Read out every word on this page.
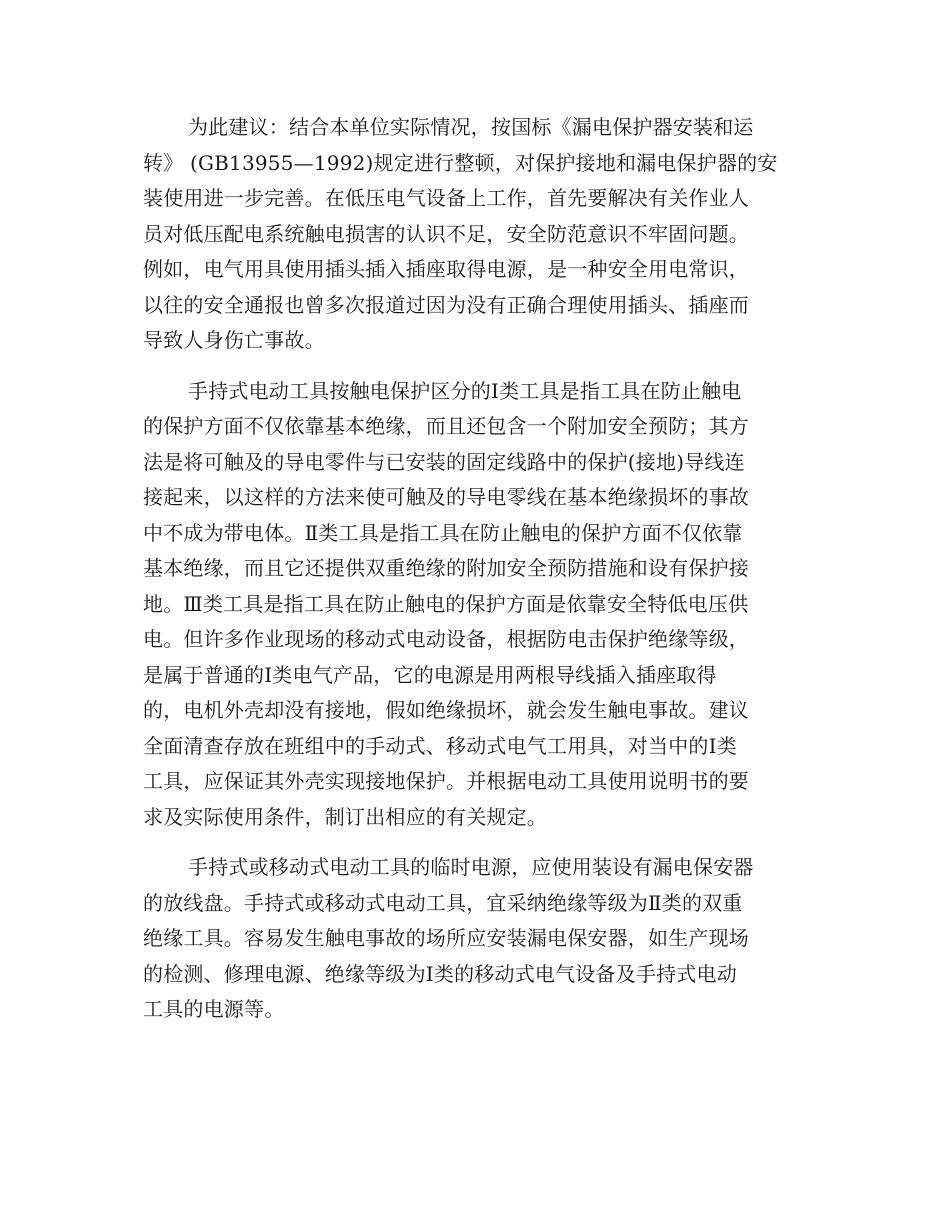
为此建议：结合本单位实际情况，按国标《漏电保护器安装和运
转》 (GB13955—1992)规定进行整顿，对保护接地和漏电保护器的安
装使用进一步完善。在低压电气设备上工作，首先要解决有关作业人
员对低压配电系统触电损害的认识不足，安全防范意识不牢固问题。
例如，电气用具使用插头插入插座取得电源，是一种安全用电常识，
以往的安全通报也曾多次报道过因为没有正确合理使用插头、插座而
导致人身伤亡事故。
手持式电动工具按触电保护区分的Ⅰ类工具是指工具在防止触电
的保护方面不仅依靠基本绝缘，而且还包含一个附加安全预防；其方
法是将可触及的导电零件与已安装的固定线路中的保护(接地)导线连
接起来，以这样的方法来使可触及的导电零线在基本绝缘损坏的事故
中不成为带电体。Ⅱ类工具是指工具在防止触电的保护方面不仅依靠
基本绝缘，而且它还提供双重绝缘的附加安全预防措施和设有保护接
地。Ⅲ类工具是指工具在防止触电的保护方面是依靠安全特低电压供
电。但许多作业现场的移动式电动设备，根据防电击保护绝缘等级，
是属于普通的Ⅰ类电气产品，它的电源是用两根导线插入插座取得
的，电机外壳却没有接地，假如绝缘损坏，就会发生触电事故。建议
全面清查存放在班组中的手动式、移动式电气工用具，对当中的Ⅰ类
工具，应保证其外壳实现接地保护。并根据电动工具使用说明书的要
求及实际使用条件，制订出相应的有关规定。
手持式或移动式电动工具的临时电源，应使用装设有漏电保安器
的放线盘。手持式或移动式电动工具，宜采纳绝缘等级为Ⅱ类的双重
绝缘工具。容易发生触电事故的场所应安装漏电保安器，如生产现场
的检测、修理电源、绝缘等级为Ⅰ类的移动式电气设备及手持式电动
工具的电源等。
